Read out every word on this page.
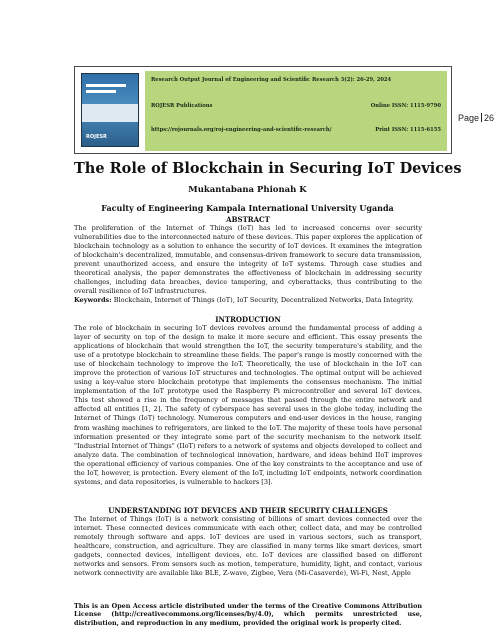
ROJESR
Research Output Journal of Engineering and Scientific Research 3(2): 26-29, 2024
ROJESR Publications	Online ISSN: 1115-9790
https://rojournals.org/roj-engineering-and-scientific-research/	Print ISSN: 1115-6155
Page 26
The Role of Blockchain in Securing IoT Devices
Mukantabana Phionah K
Faculty of Engineering Kampala International University Uganda
ABSTRACT

The proliferation of the Internet of Things (IoT) has led to increased concerns over security vulnerabilities due to the interconnected nature of these devices. This paper explores the application of blockchain technology as a solution to enhance the security of IoT devices. It examines the integration of blockchain's decentralized, immutable, and consensus-driven framework to secure data transmission, prevent unauthorized access, and ensure the integrity of IoT systems. Through case studies and theoretical analysis, the paper demonstrates the effectiveness of blockchain in addressing security challenges, including data breaches, device tampering, and cyberattacks, thus contributing to the overall resilience of IoT infrastructures.

Keywords: Blockchain, Internet of Things (IoT), IoT Security, Decentralized Networks, Data Integrity.

INTRODUCTION

The role of blockchain in securing IoT devices revolves around the fundamental process of adding a layer of security on top of the design to make it more secure and efficient. This essay presents the applications of blockchain that would strengthen the IoT, the security temperature's stability, and the use of a prototype blockchain to streamline these fields. The paper's range is mostly concerned with the use of blockchain technology to improve the IoT. Theoretically, the use of blockchain in the IoT can improve the protection of various IoT structures and technologies. The optimal output will be achieved using a key-value store blockchain prototype that implements the consensus mechanism. The initial implementation of the IoT prototype used the Raspberry Pi microcontroller and several IoT devices. This test showed a rise in the frequency of messages that passed through the entire network and affected all entities [1, 2]. The safety of cyberspace has several uses in the globe today, including the Internet of Things (IoT) technology. Numerous computers and end-user devices in the house, ranging from washing machines to refrigerators, are linked to the IoT. The majority of these tools have personal information presented or they integrate some part of the security mechanism to the network itself. "Industrial Internet of Things" (IIoT) refers to a network of systems and objects developed to collect and analyze data. The combination of technological innovation, hardware, and ideas behind IIoT improves the operational efficiency of various companies. One of the key constraints to the acceptance and use of the IoT, however, is protection. Every element of the IoT, including IoT endpoints, network coordination systems, and data repositories, is vulnerable to hackers [3].

UNDERSTANDING IOT DEVICES AND THEIR SECURITY CHALLENGES

The Internet of Things (IoT) is a network consisting of billions of smart devices connected over the internet. These connected devices communicate with each other, collect data, and may be controlled remotely through software and apps. IoT devices are used in various sectors, such as transport, healthcare, construction, and agriculture. They are classified in many terms like smart devices, smart gadgets, connected devices, intelligent devices, etc. IoT devices are classified based on different networks and sensors. From sensors such as motion, temperature, humidity, light, and contact, various network connectivity are available like BLE, Z-wave, Zigbee, Vera (Mi-Casaverde), Wi-Fi, Nest, Apple

This is an Open Access article distributed under the terms of the Creative Commons Attribution License (http://creativecommons.org/licenses/by/4.0), which permits unrestricted use, distribution, and reproduction in any medium, provided the original work is properly cited.
